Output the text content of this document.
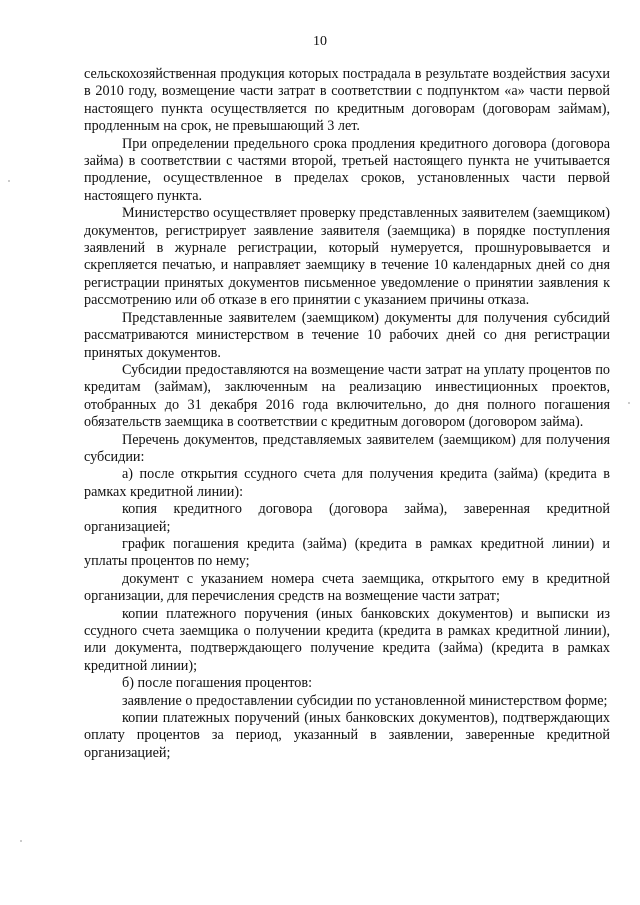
10

сельскохозяйственная продукция которых пострадала в результате воздействия засухи в 2010 году, возмещение части затрат в соответствии с подпунктом «а» части первой настоящего пункта осуществляется по кредитным договорам (договорам займам), продленным на срок, не превышающий 3 лет.

При определении предельного срока продления кредитного договора (договора займа) в соответствии с частями второй, третьей настоящего пункта не учитывается продление, осуществленное в пределах сроков, установленных части первой настоящего пункта.

Министерство осуществляет проверку представленных заявителем (заемщиком) документов, регистрирует заявление заявителя (заемщика) в порядке поступления заявлений в журнале регистрации, который нумеруется, прошнуровывается и скрепляется печатью, и направляет заемщику в течение 10 календарных дней со дня регистрации принятых документов письменное уведомление о принятии заявления к рассмотрению или об отказе в его принятии с указанием причины отказа.

Представленные заявителем (заемщиком) документы для получения субсидий рассматриваются министерством в течение 10 рабочих дней со дня регистрации принятых документов.

Субсидии предоставляются на возмещение части затрат на уплату процентов по кредитам (займам), заключенным на реализацию инвестиционных проектов, отобранных до 31 декабря 2016 года включительно, до дня полного погашения обязательств заемщика в соответствии с кредитным договором (договором займа).

Перечень документов, представляемых заявителем (заемщиком) для получения субсидии:

а) после открытия ссудного счета для получения кредита (займа) (кредита в рамках кредитной линии):

копия кредитного договора (договора займа), заверенная кредитной организацией;

график погашения кредита (займа) (кредита в рамках кредитной линии) и уплаты процентов по нему;

документ с указанием номера счета заемщика, открытого ему в кредитной организации, для перечисления средств на возмещение части затрат;

копии платежного поручения (иных банковских документов) и выписки из ссудного счета заемщика о получении кредита (кредита в рамках кредитной линии), или документа, подтверждающего получение кредита (займа) (кредита в рамках кредитной линии);

б) после погашения процентов:

заявление о предоставлении субсидии по установленной министерством форме;

копии платежных поручений (иных банковских документов), подтверждающих оплату процентов за период, указанный в заявлении, заверенные кредитной организацией;
